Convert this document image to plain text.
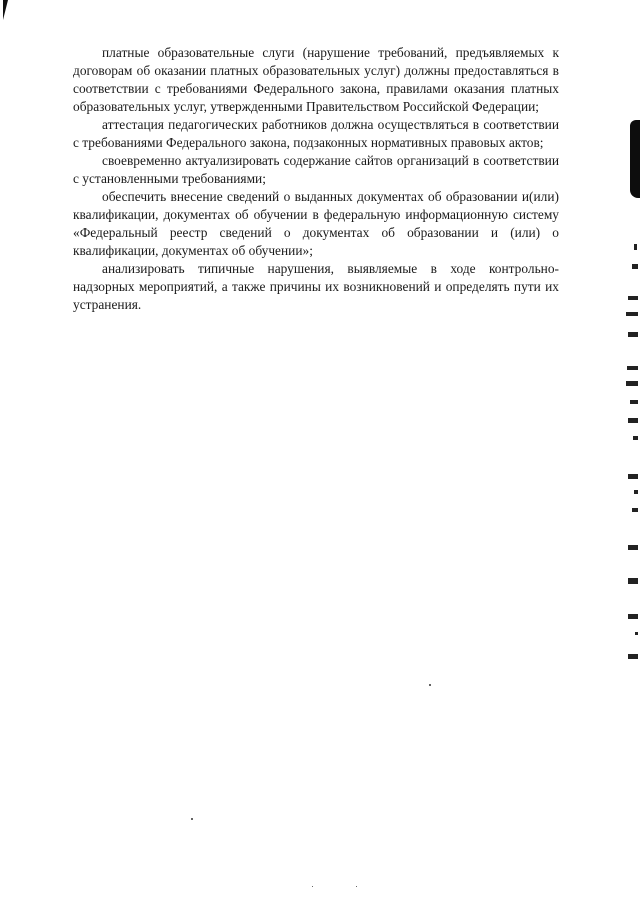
платные образовательные слуги (нарушение требований, предъявляемых к договорам об оказании платных образовательных услуг) должны предоставляться в соответствии с требованиями Федерального закона, правилами оказания платных образовательных услуг, утвержденными Правительством Российской Федерации;

аттестация педагогических работников должна осуществляться в соответствии с требованиями Федерального закона, подзаконных нормативных правовых актов;

своевременно актуализировать содержание сайтов организаций в соответствии с установленными требованиями;

обеспечить внесение сведений о выданных документах об образовании и(или) квалификации, документах об обучении в федеральную информационную систему «Федеральный реестр сведений о документах об образовании и (или) о квалификации, документах об обучении»;

анализировать типичные нарушения, выявляемые в ходе контрольно-надзорных мероприятий, а также причины их возникновений и определять пути их устранения.
